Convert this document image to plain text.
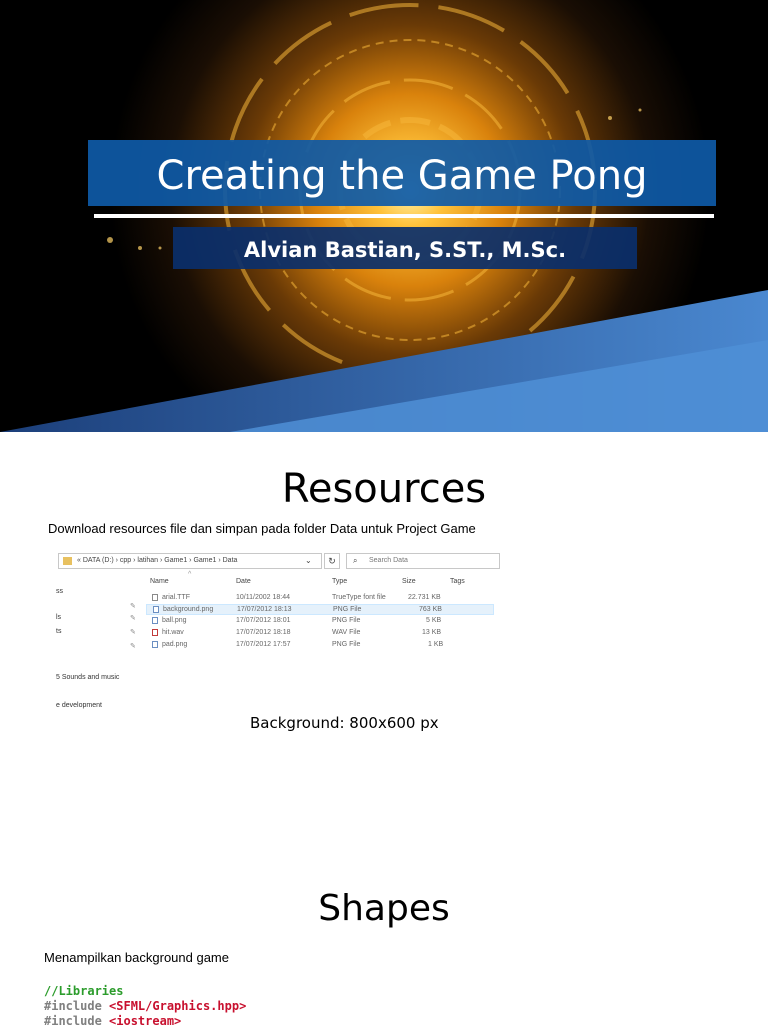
Creating the Game Pong
Alvian Bastian, S.ST., M.Sc.
Resources
Download resources file dan simpan pada folder Data untuk Project Game
« DATA (D:) › cpp › latihan › Game1 › Game1 › Data	⌄	↻	⌕ Search Data
ss
✎
ls	✎
ts	✎
✎
5 Sounds and music
e development
^
Name	Date	Type	Size	Tags
arial.TTF	10/11/2002 18:44	TrueType font file	22.731 KB
background.png	17/07/2012 18:13	PNG File	763 KB
ball.png	17/07/2012 18:01	PNG File	5 KB
hit.wav	17/07/2012 18:18	WAV File	13 KB
pad.png	17/07/2012 17:57	PNG File	1 KB
Background: 800x600 px
Shapes
Menampilkan background game
//Libraries
#include <SFML/Graphics.hpp>
#include <iostream>
